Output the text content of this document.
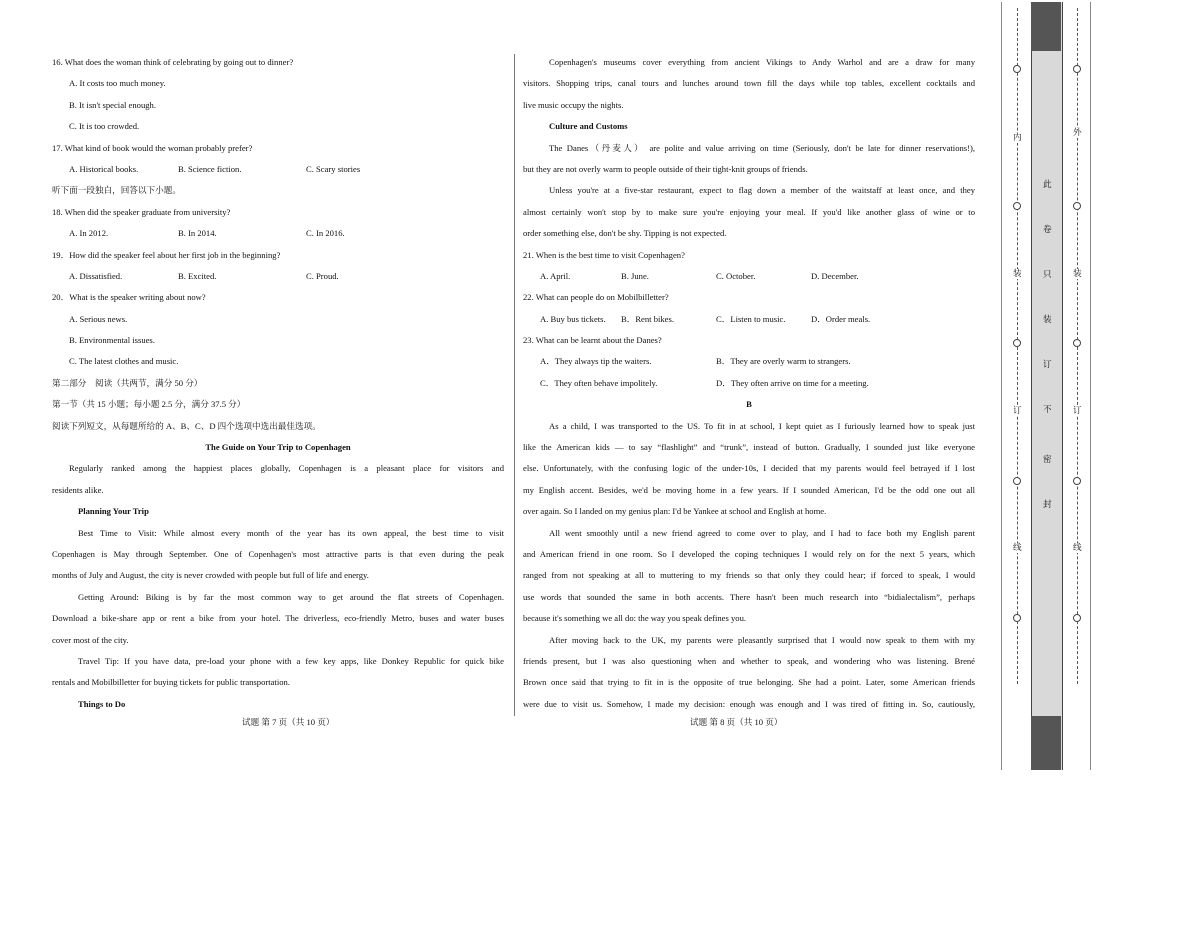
16. What does the woman think of celebrating by going out to dinner?
A. It costs too much money.
B. It isn't special enough.
C. It is too crowded.
17. What kind of book would the woman probably prefer?
A. Historical books.	B. Science fiction.	C. Scary stories
听下面一段独白，回答以下小题。
18. When did the speaker graduate from university?
A. In 2012.	B. In 2014.	C. In 2016.
19．How did the speaker feel about her first job in the beginning?
A. Dissatisfied.	B. Excited.	C. Proud.
20．What is the speaker writing about now?
A. Serious news.
B. Environmental issues.
C. The latest clothes and music.
第二部分　阅读（共两节，满分 50 分）
第一节（共 15 小题；每小题 2.5 分，满分 37.5 分）
阅读下列短文，从每题所给的 A、B、C、D 四个选项中选出最佳选项。
The Guide on Your Trip to Copenhagen
Regularly ranked among the happiest places globally, Copenhagen is a pleasant place for visitors and
residents alike.
Planning Your Trip
Best Time to Visit: While almost every month of the year has its own appeal, the best time to visit
Copenhagen is May through September. One of Copenhagen's most attractive parts is that even during the peak
months of July and August, the city is never crowded with people but full of life and energy.
Getting Around: Biking is by far the most common way to get around the flat streets of Copenhagen.
Download a bike-share app or rent a bike from your hotel. The driverless, eco-friendly Metro, buses and water buses
cover most of the city.
Travel Tip: If you have data, pre-load your phone with a few key apps, like Donkey Republic for quick bike
rentals and Mobilbilletter for buying tickets for public transportation.
Things to Do
Copenhagen's museums cover everything from ancient Vikings to Andy Warhol and are a draw for many
visitors. Shopping trips, canal tours and lunches around town fill the days while top tables, excellent cocktails and
live music occupy the nights.
Culture and Customs
The Danes（丹麦人） are polite and value arriving on time (Seriously, don't be late for dinner reservations!),
but they are not overly warm to people outside of their tight-knit groups of friends.
Unless you're at a five-star restaurant, expect to flag down a member of the waitstaff at least once, and they
almost certainly won't stop by to make sure you're enjoying your meal. If you'd like another glass of wine or to
order something else, don't be shy. Tipping is not expected.
21. When is the best time to visit Copenhagen?
A. April.	B. June.	C. October.	D. December.
22. What can people do on Mobilbilletter?
A. Buy bus tickets.	B．Rent bikes.	C．Listen to music.	D．Order meals.
23. What can be learnt about the Danes?
A．They always tip the waiters.	B．They are overly warm to strangers.
C．They often behave impolitely.	D．They often arrive on time for a meeting.
B
As a child, I was transported to the US. To fit in at school, I kept quiet as I furiously learned how to speak just
like the American kids — to say “flashlight” and “trunk”, instead of button. Gradually, I sounded just like everyone
else. Unfortunately, with the confusing logic of the under-10s, I decided that my parents would feel betrayed if I lost
my English accent. Besides, we'd be moving home in a few years. If I sounded American, I'd be the odd one out all
over again. So I landed on my genius plan: I'd be Yankee at school and English at home.
All went smoothly until a new friend agreed to come over to play, and I had to face both my English parent
and American friend in one room. So I developed the coping techniques I would rely on for the next 5 years, which
ranged from not speaking at all to muttering to my friends so that only they could hear; if forced to speak, I would
use words that sounded the same in both accents. There hasn't been much research into “bidialectalism”, perhaps
because it's something we all do: the way you speak defines you.
After moving back to the UK, my parents were pleasantly surprised that I would now speak to them with my
friends present, but I was also questioning when and whether to speak, and wondering who was listening. Brené
Brown once said that trying to fit in is the opposite of true belonging. She had a point. Later, some American friends
were due to visit us. Somehow, I made my decision: enough was enough and I was tired of fitting in. So, cautiously,
试题 第 7 页（共 10 页）	试题 第 8 页（共 10 页）
内
装
订
线
此
卷
只
装
订
不
密
封
外
装
订
线
